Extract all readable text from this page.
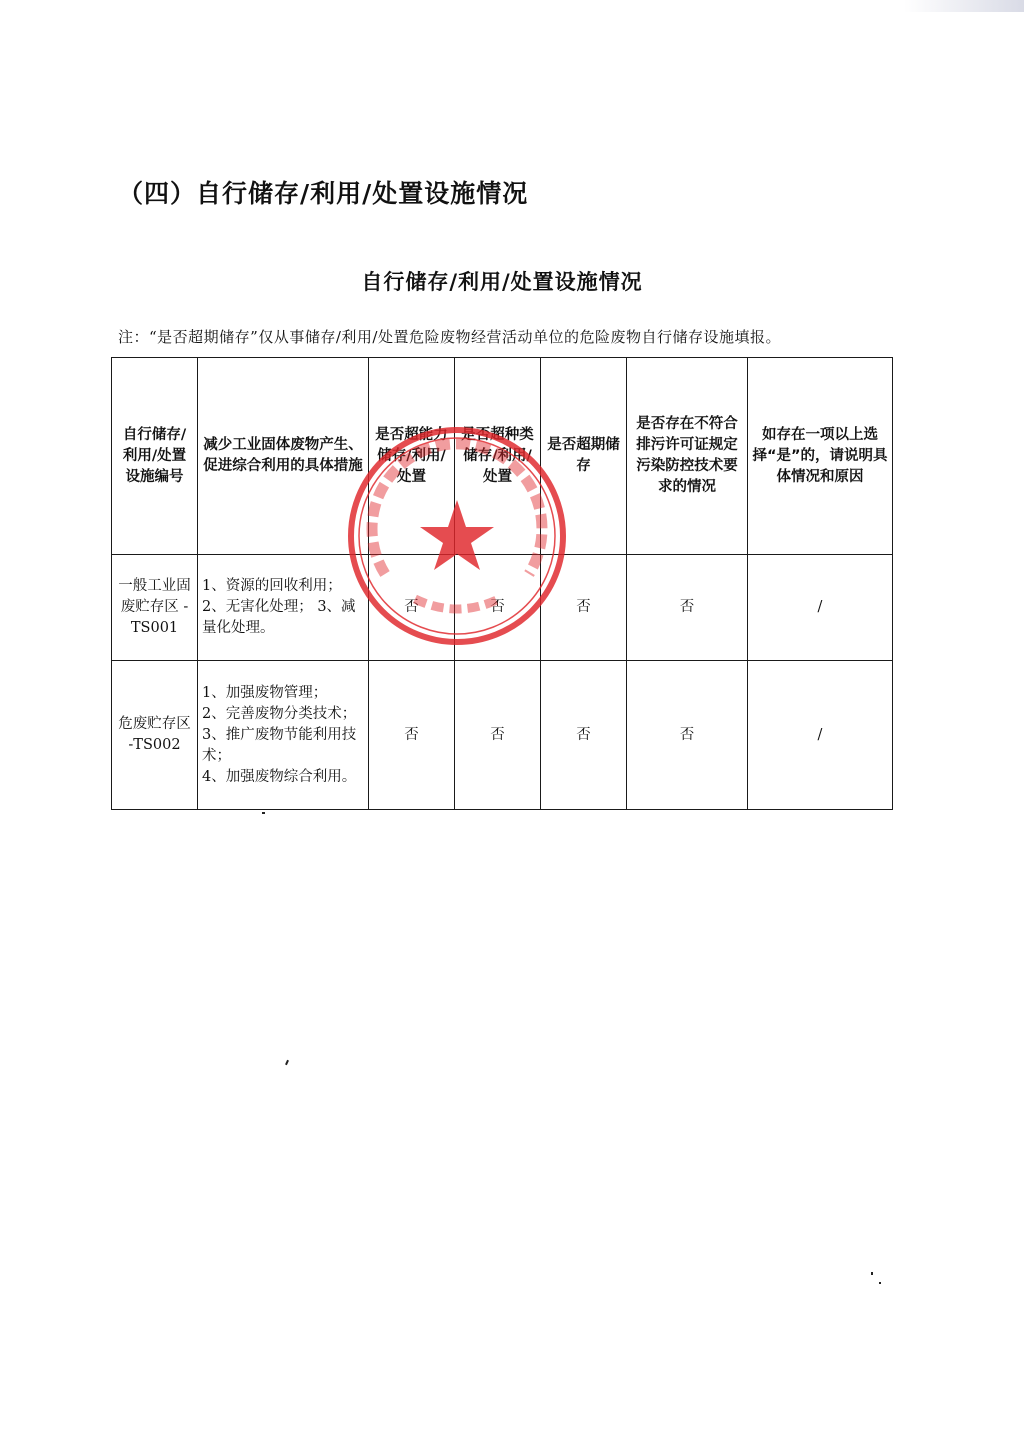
（四）自行储存/利用/处置设施情况
自行储存/利用/处置设施情况
注：“是否超期储存”仅从事储存/利用/处置危险废物经营活动单位的危险废物自行储存设施填报。
自行储存/利用/处置设施编号	减少工业固体废物产生、促进综合利用的具体措施	是否超能力储存/利用/处置	是否超种类储存/利用/处置	是否超期储存	是否存在不符合排污许可证规定污染防控技术要求的情况	如存在一项以上选择“是”的，请说明具体情况和原因
一般工业固废贮存区 -TS001	1、资源的回收利用； 2、无害化处理； 3、减量化处理。	否	否	否	否	/
危废贮存区 -TS002	1、加强废物管理；
2、完善废物分类技术； 3、推广废物节能利用技术；
4、加强废物综合利用。	否	否	否	否	/
